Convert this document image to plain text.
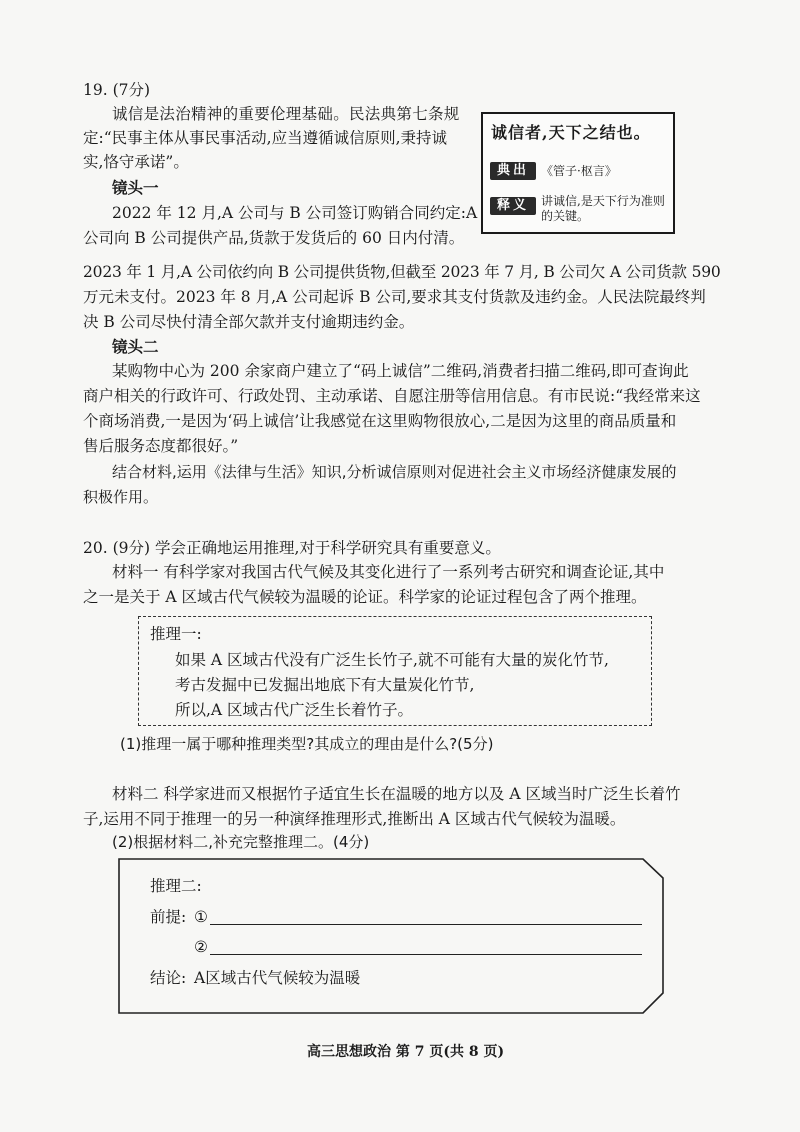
19. (7分)
诚信是法治精神的重要伦理基础。民法典第七条规
定:“民事主体从事民事活动,应当遵循诚信原则,秉持诚
实,恪守承诺”。
镜头一
2022 年 12 月,A 公司与 B 公司签订购销合同约定:A
公司向 B 公司提供产品,货款于发货后的 60 日内付清。
2023 年 1 月,A 公司依约向 B 公司提供货物,但截至 2023 年 7 月, B 公司欠 A 公司货款 590
万元未支付。2023 年 8 月,A 公司起诉 B 公司,要求其支付货款及违约金。人民法院最终判
决 B 公司尽快付清全部欠款并支付逾期违约金。
镜头二
某购物中心为 200 余家商户建立了“码上诚信”二维码,消费者扫描二维码,即可查询此
商户相关的行政许可、行政处罚、主动承诺、自愿注册等信用信息。有市民说:“我经常来这
个商场消费,一是因为‘码上诚信’让我感觉在这里购物很放心,二是因为这里的商品质量和
售后服务态度都很好。”
结合材料,运用《法律与生活》知识,分析诚信原则对促进社会主义市场经济健康发展的
积极作用。
诚信者,天下之结也。
典出	《管子·枢言》
释义	讲诚信,是天下行为准则
的关键。
20. (9分) 学会正确地运用推理,对于科学研究具有重要意义。
材料一 有科学家对我国古代气候及其变化进行了一系列考古研究和调查论证,其中
之一是关于 A 区域古代气候较为温暖的论证。科学家的论证过程包含了两个推理。
推理一:
如果 A 区域古代没有广泛生长竹子,就不可能有大量的炭化竹节,
考古发掘中已发掘出地底下有大量炭化竹节,
所以,A 区域古代广泛生长着竹子。
(1)推理一属于哪种推理类型?其成立的理由是什么?(5分)
材料二 科学家进而又根据竹子适宜生长在温暖的地方以及 A 区域当时广泛生长着竹
子,运用不同于推理一的另一种演绎推理形式,推断出 A 区域古代气候较为温暖。
(2)根据材料二,补充完整推理二。(4分)
推理二:
前提: ①
②
结论: A区域古代气候较为温暖
高三思想政治 第 7 页(共 8 页)
